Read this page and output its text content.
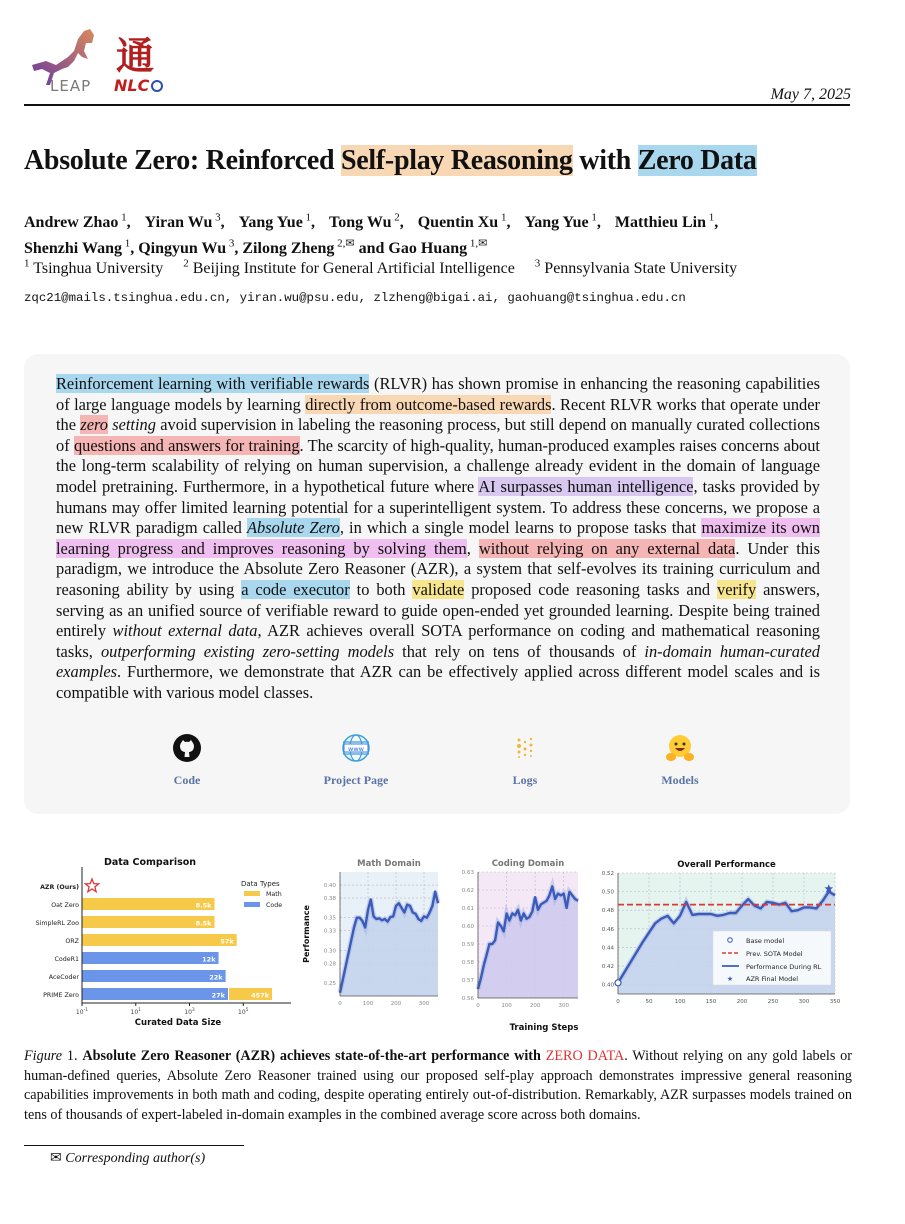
LEAP
通
NLC	May 7, 2025
Absolute Zero: Reinforced Self-play Reasoning with Zero Data
Andrew Zhao $^1$, Yiran Wu $^3$, Yang Yue $^1$, Tong Wu $^2$, Quentin Xu $^1$, Yang Yue $^1$, Matthieu Lin $^1$,
Shenzhi Wang $^1$, Qingyun Wu $^3$, Zilong Zheng $^{2,✉}$ and Gao Huang $^{1,✉}$
$^1$ Tsinghua University $^2$ Beijing Institute for General Artificial Intelligence $^3$ Pennsylvania State University
zqc21@mails.tsinghua.edu.cn, yiran.wu@psu.edu, zlzheng@bigai.ai, gaohuang@tsinghua.edu.cn
Reinforcement learning with verifiable rewards (RLVR) has shown promise in enhancing the reasoning capabilities of large language models by learning directly from outcome-based rewards. Recent RLVR works that operate under the zero setting avoid supervision in labeling the reasoning process, but still depend on manually curated collections of questions and answers for training. The scarcity of high-quality, human-produced examples raises concerns about the long-term scalability of relying on human supervision, a challenge already evident in the domain of language model pretraining. Furthermore, in a hypothetical future where AI surpasses human intelligence, tasks provided by humans may offer limited learning potential for a superintelligent system. To address these concerns, we propose a new RLVR paradigm called Absolute Zero, in which a single model learns to propose tasks that maximize its own learning progress and improves reasoning by solving them, without relying on any external data. Under this paradigm, we introduce the Absolute Zero Reasoner (AZR), a system that self-evolves its training curriculum and reasoning ability by using a code executor to both validate proposed code reasoning tasks and verify answers, serving as an unified source of verifiable reward to guide open-ended yet grounded learning. Despite being trained entirely without external data, AZR achieves overall SOTA performance on coding and mathematical reasoning tasks, outperforming existing zero-setting models that rely on tens of thousands of in-domain human-curated examples. Furthermore, we demonstrate that AZR can be effectively applied across different model scales and is compatible with various model classes.
Code
www
Project Page	Logs	Models
Data Comparison
AZR (Ours)
Oat Zero
SimpleRL Zoo
ORZ
CodeR1
AceCoder
PRIME Zero
8.5k
8.5k
57k
12k
22k
27k	457k
$10^{-1}$	$10^1$	$10^3$	$10^5$
Curated Data Size
Data Types
Math
Code
0.25
0.28
0.30
0.33
0.35
0.38
0.40
0	100	200	300
Math Domain
Performance
0.56
0.57
0.58
0.59
0.60
0.61
0.62
0.63
0	100	200	300
Coding Domain
Training Steps
0.40
0.42
0.44
0.46
0.48
0.50
0.52
0	50	100	150	200	250	300	350
Overall Performance
Base model
Prev. SOTA Model
Performance During RL
★ AZR Final Model
Figure 1. Absolute Zero Reasoner (AZR) achieves state-of-the-art performance with ZERO DATA. Without relying on any gold labels or human-defined queries, Absolute Zero Reasoner trained using our proposed self-play approach demonstrates impressive general reasoning capabilities improvements in both math and coding, despite operating entirely out-of-distribution. Remarkably, AZR surpasses models trained on tens of thousands of expert-labeled in-domain examples in the combined average score across both domains.
✉ Corresponding author(s)
